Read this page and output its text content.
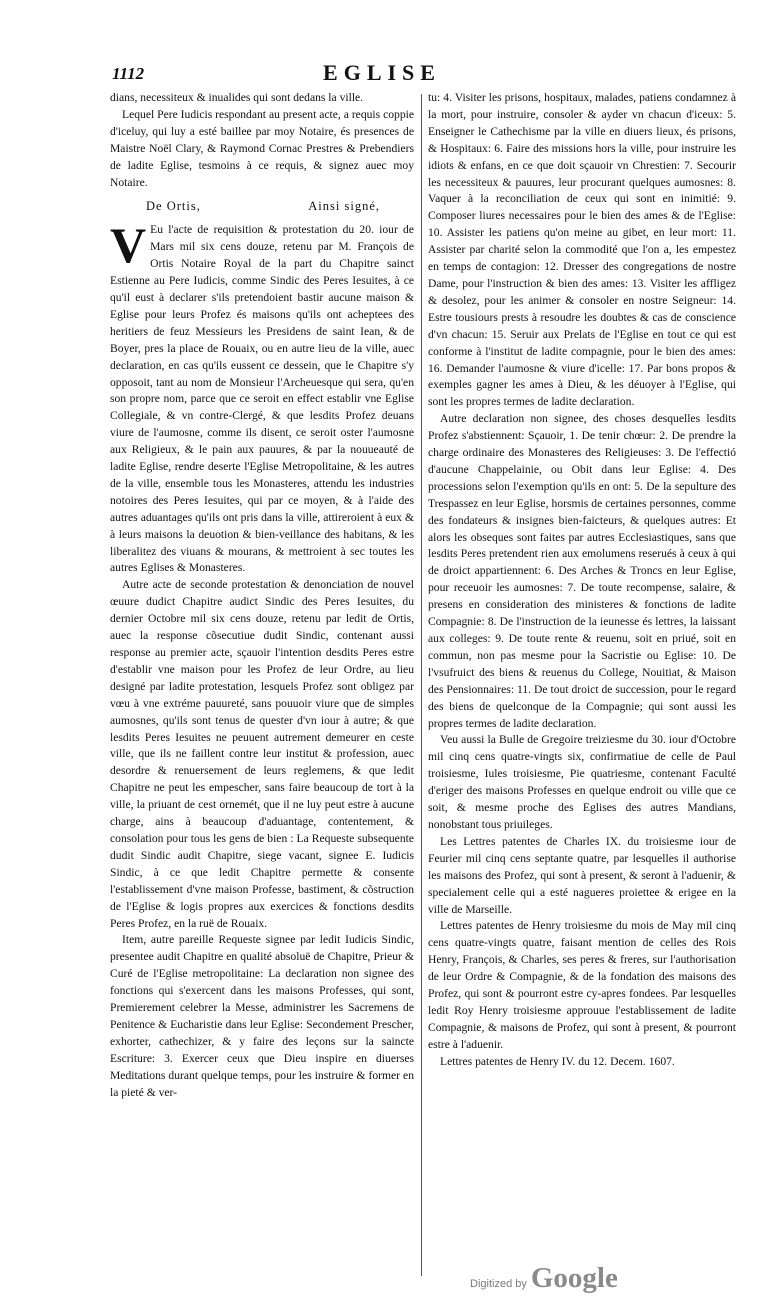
1112	EGLISE

dians, necessiteux & inualides qui sont dedans la ville.

Lequel Pere Iudicis respondant au present acte, a requis coppie d'iceluy, qui luy a esté baillee par moy Notaire, és presences de Maistre Noël Clary, & Raymond Cornac Prestres & Prebendiers de ladite Eglise, tesmoins à ce requis, & signez auec moy Notaire.

De Ortis,	Ainsi signé,

V Eu l'acte de requisition & protestation du 20. iour de Mars mil six cens douze, retenu par M. François de Ortis Notaire Royal de la part du Chapitre sainct Estienne au Pere Iudicis, comme Sindic des Peres Iesuites, à ce qu'il eust à declarer s'ils pretendoient bastir aucune maison & Eglise pour leurs Profez és maisons qu'ils ont acheptees des heritiers de feuz Messieurs les Presidens de saint Iean, & de Boyer, pres la place de Rouaix, ou en autre lieu de la ville, auec declaration, en cas qu'ils eussent ce dessein, que le Chapitre s'y opposoit, tant au nom de Monsieur l'Archeuesque qui sera, qu'en son propre nom, parce que ce seroit en effect establir vne Eglise Collegiale, & vn contre-Clergé, & que lesdits Profez deuans viure de l'aumosne, comme ils disent, ce seroit oster l'aumosne aux Religieux, & le pain aux pauures, & par la nouueauté de ladite Eglise, rendre deserte l'Eglise Metropolitaine, & les autres de la ville, ensemble tous les Monasteres, attendu les industries notoires des Peres Iesuites, qui par ce moyen, & à l'aide des autres aduantages qu'ils ont pris dans la ville, attireroient à eux & à leurs maisons la deuotion & bien-veillance des habitans, & les liberalitez des viuans & mourans, & mettroient à sec toutes les autres Eglises & Monasteres.

Autre acte de seconde protestation & denonciation de nouvel œuure dudict Chapitre audict Sindic des Peres Iesuites, du dernier Octobre mil six cens douze, retenu par ledit de Ortis, auec la response cõsecutiue dudit Sindic, contenant aussi response au premier acte, sçauoir l'intention desdits Peres estre d'establir vne maison pour les Profez de leur Ordre, au lieu designé par ladite protestation, lesquels Profez sont obligez par vœu à vne extréme pauureté, sans pouuoir viure que de simples aumosnes, qu'ils sont tenus de quester d'vn iour à autre; & que lesdits Peres Iesuites ne peuuent autrement demeurer en ceste ville, que ils ne faillent contre leur institut & profession, auec desordre & renuersement de leurs reglemens, & que ledit Chapitre ne peut les empescher, sans faire beaucoup de tort à la ville, la priuant de cest ornemét, que il ne luy peut estre à aucune charge, ains à beaucoup d'aduantage, contentement, & consolation pour tous les gens de bien : La Requeste subsequente dudit Sindic audit Chapitre, siege vacant, signee E. Iudicis Sindic, à ce que ledit Chapitre permette & consente l'establissement d'vne maison Professe, bastiment, & cõstruction de l'Eglise & logis propres aux exercices & fonctions desdits Peres Profez, en la ruë de Rouaix.

Item, autre pareille Requeste signee par ledit Iudicis Sindic, presentee audit Chapitre en qualité absoluë de Chapitre, Prieur & Curé de l'Eglise metropolitaine: La declaration non signee des fonctions qui s'exercent dans les maisons Professes, qui sont, Premierement celebrer la Messe, administrer les Sacremens de Penitence & Eucharistie dans leur Eglise: Secondement Prescher, exhorter, cathechizer, & y faire des leçons sur la saincte Escriture: 3. Exercer ceux que Dieu inspire en diuerses Meditations durant quelque temps, pour les instruire & former en la pieté & ver-

tu: 4. Visiter les prisons, hospitaux, malades, patiens condamnez à la mort, pour instruire, consoler & ayder vn chacun d'iceux: 5. Enseigner le Cathechisme par la ville en diuers lieux, és prisons, & Hospitaux: 6. Faire des missions hors la ville, pour instruire les idiots & enfans, en ce que doit sçauoir vn Chrestien: 7. Secourir les necessiteux & pauures, leur procurant quelques aumosnes: 8. Vaquer à la reconciliation de ceux qui sont en inimitié: 9. Composer liures necessaires pour le bien des ames & de l'Eglise: 10. Assister les patiens qu'on meine au gibet, en leur mort: 11. Assister par charité selon la commodité que l'on a, les empestez en temps de contagion: 12. Dresser des congregations de nostre Dame, pour l'instruction & bien des ames: 13. Visiter les affligez & desolez, pour les animer & consoler en nostre Seigneur: 14. Estre tousiours prests à resoudre les doubtes & cas de conscience d'vn chacun: 15. Seruir aux Prelats de l'Eglise en tout ce qui est conforme à l'institut de ladite compagnie, pour le bien des ames: 16. Demander l'aumosne & viure d'icelle: 17. Par bons propos & exemples gagner les ames à Dieu, & les déuoyer à l'Eglise, qui sont les propres termes de ladite declaration.

Autre declaration non signee, des choses desquelles lesdits Profez s'abstiennent: Sçauoir, 1. De tenir chœur: 2. De prendre la charge ordinaire des Monasteres des Religieuses: 3. De l'effectió d'aucune Chappelainie, ou Obit dans leur Eglise: 4. Des processions selon l'exemption qu'ils en ont: 5. De la sepulture des Trespassez en leur Eglise, horsmis de certaines personnes, comme des fondateurs & insignes bien-faicteurs, & quelques autres: Et alors les obseques sont faites par autres Ecclesiastiques, sans que lesdits Peres pretendent rien aux emolumens reserués à ceux à qui de droict appartiennent: 6. Des Arches & Troncs en leur Eglise, pour receuoir les aumosnes: 7. De toute recompense, salaire, & presens en consideration des ministeres & fonctions de ladite Compagnie: 8. De l'instruction de la ieunesse és lettres, la laissant aux colleges: 9. De toute rente & reuenu, soit en priué, soit en commun, non pas mesme pour la Sacristie ou Eglise: 10. De l'vsufruict des biens & reuenus du College, Nouitiat, & Maison des Pensionnaires: 11. De tout droict de succession, pour le regard des biens de quelconque de la Compagnie; qui sont aussi les propres termes de ladite declaration.

Veu aussi la Bulle de Gregoire treiziesme du 30. iour d'Octobre mil cinq cens quatre-vingts six, confirmatiue de celle de Paul troisiesme, Iules troisiesme, Pie quatriesme, contenant Faculté d'eriger des maisons Professes en quelque endroit ou ville que ce soit, & mesme proche des Eglises des autres Mandians, nonobstant tous priuileges.

Les Lettres patentes de Charles IX. du troisiesme iour de Feurier mil cinq cens septante quatre, par lesquelles il authorise les maisons des Profez, qui sont à present, & seront à l'aduenir, & specialement celle qui a esté nagueres proiettee & erigee en la ville de Marseille.

Lettres patentes de Henry troisiesme du mois de May mil cinq cens quatre-vingts quatre, faisant mention de celles des Rois Henry, François, & Charles, ses peres & freres, sur l'authorisation de leur Ordre & Compagnie, & de la fondation des maisons des Profez, qui sont & pourront estre cy-apres fondees. Par lesquelles ledit Roy Henry troisiesme approuue l'establissement de ladite Compagnie, & maisons de Profez, qui sont à present, & pourront estre à l'aduenir.

Lettres patentes de Henry IV. du 12. Decem. 1607.

Digitized by Google
